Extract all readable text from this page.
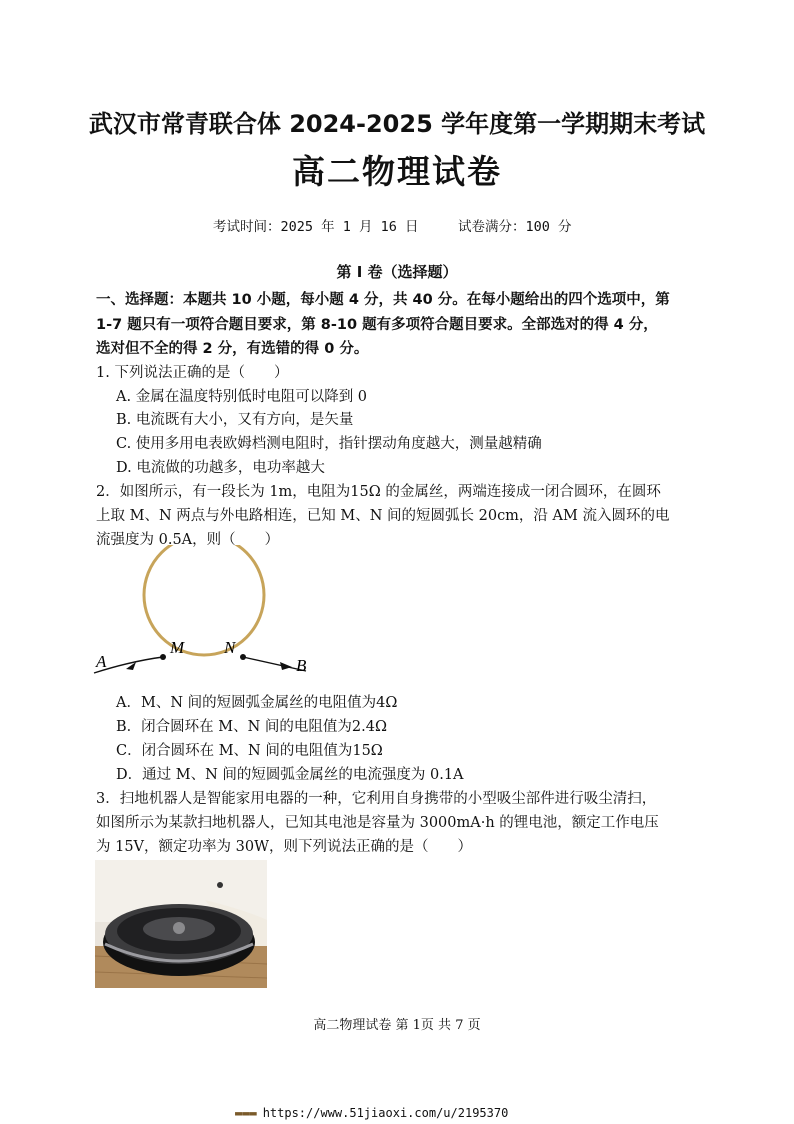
武汉市常青联合体 2024-2025 学年度第一学期期末考试
高二物理试卷
考试时间：2025 年 1 月 16 日	试卷满分：100 分
第 I 卷（选择题）
一、选择题：本题共 10 小题，每小题 4 分，共 40 分。在每小题给出的四个选项中，第
1-7 题只有一项符合题目要求，第 8-10 题有多项符合题目要求。全部选对的得 4 分，
选对但不全的得 2 分，有选错的得 0 分。
1. 下列说法正确的是（　　）
A. 金属在温度特别低时电阻可以降到 0
B. 电流既有大小，又有方向，是矢量
C. 使用多用电表欧姆档测电阻时，指针摆动角度越大，测量越精确
D. 电流做的功越多，电功率越大
2．如图所示，有一段长为 1m，电阻为15Ω 的金属丝，两端连接成一闭合圆环，在圆环
上取 M、N 两点与外电路相连，已知 M、N 间的短圆弧长 20cm，沿 AM 流入圆环的电
流强度为 0.5A，则（　　）
A
M N
B
A．M、N 间的短圆弧金属丝的电阻值为4Ω
B．闭合圆环在 M、N 间的电阻值为2.4Ω
C．闭合圆环在 M、N 间的电阻值为15Ω
D．通过 M、N 间的短圆弧金属丝的电流强度为 0.1A
3．扫地机器人是智能家用电器的一种，它利用自身携带的小型吸尘部件进行吸尘清扫，
如图所示为某款扫地机器人，已知其电池是容量为 3000mA·h 的锂电池，额定工作电压
为 15V，额定功率为 30W，则下列说法正确的是（　　）
高二物理试卷 第 1页 共 7 页
▬▬▬ https://www.51jiaoxi.com/u/2195370
